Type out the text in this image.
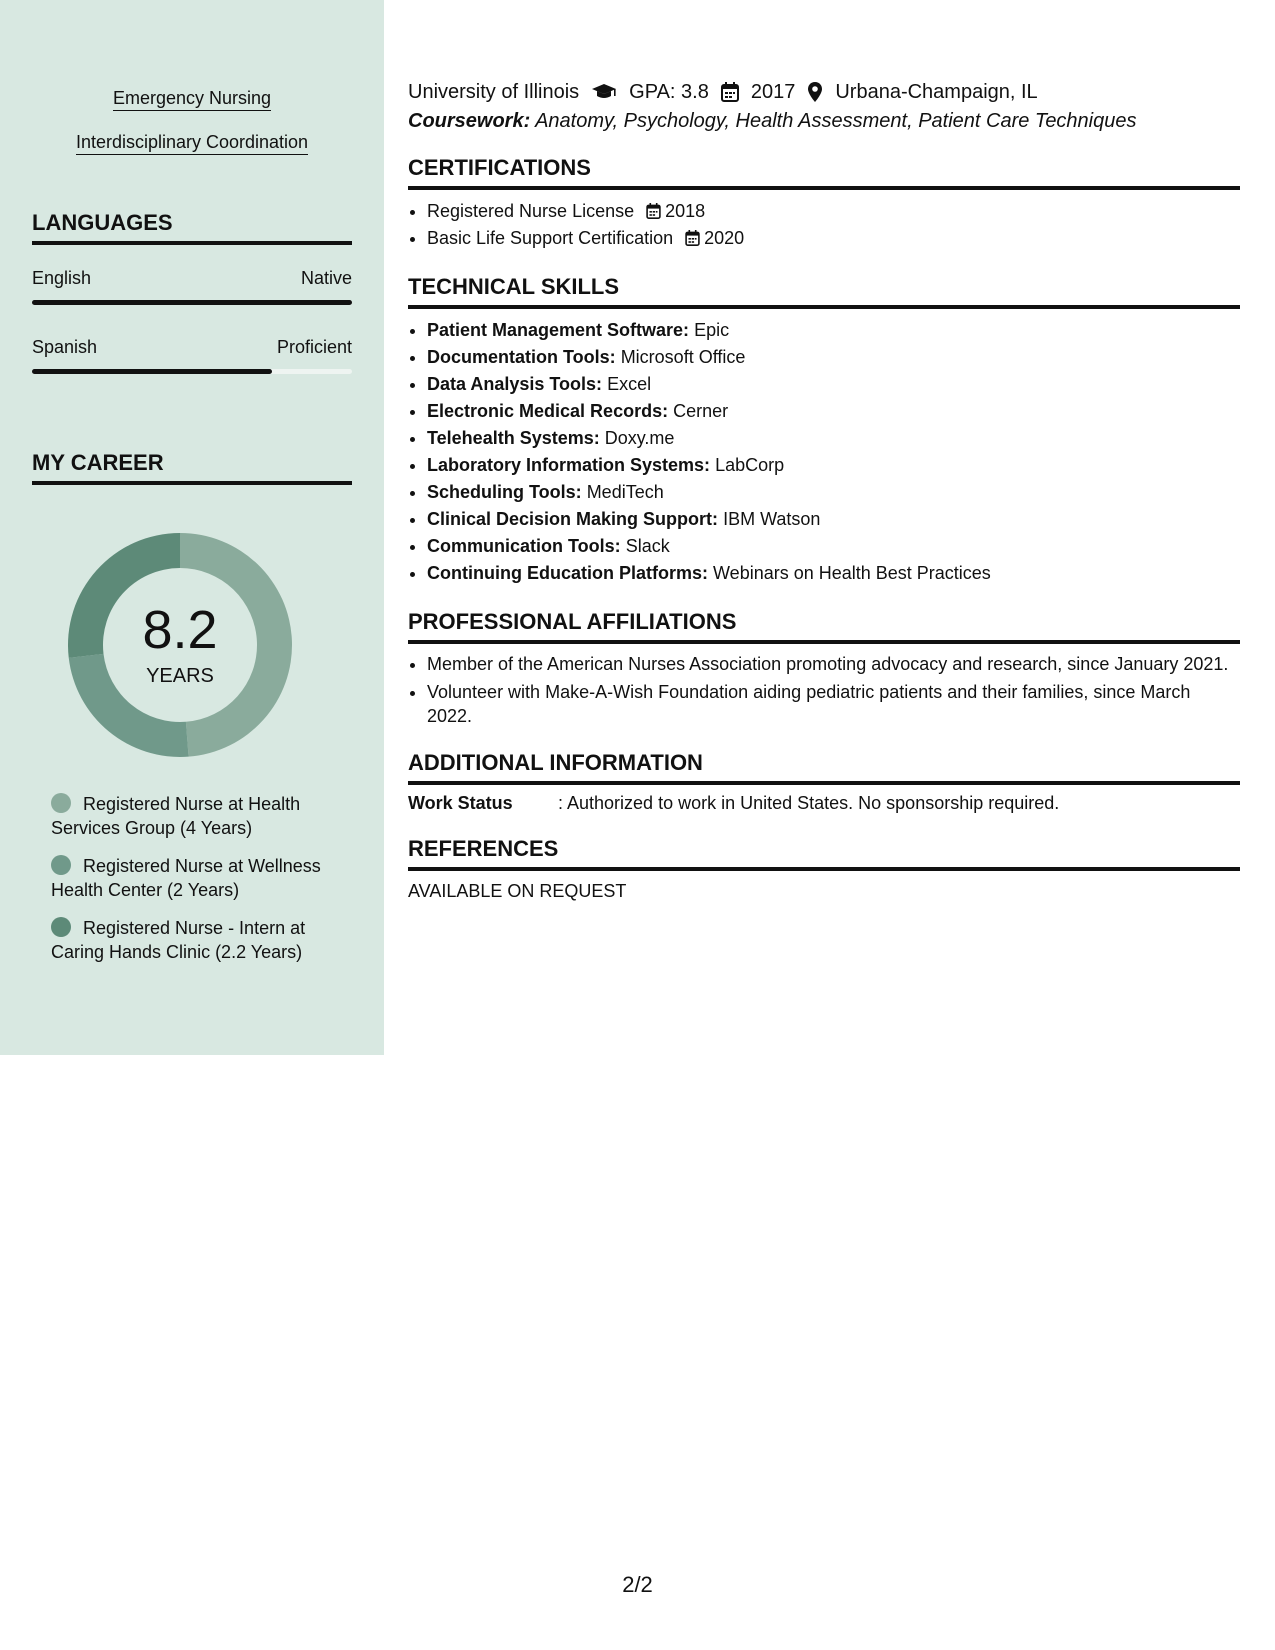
Emergency Nursing
Interdisciplinary Coordination
LANGUAGES
English	Native
Spanish	Proficient
MY CAREER
8.2
YEARS
Registered Nurse at Health Services Group (4 Years)
Registered Nurse at Wellness Health Center (2 Years)
Registered Nurse - Intern at Caring Hands Clinic (2.2 Years)
University of Illinois	GPA: 3.8 2017 Urbana-Champaign, IL
Coursework: Anatomy, Psychology, Health Assessment, Patient Care Techniques
CERTIFICATIONS
• Registered Nurse License 2018
• Basic Life Support Certification 2020
TECHNICAL SKILLS
• Patient Management Software: Epic
• Documentation Tools: Microsoft Office
• Data Analysis Tools: Excel
• Electronic Medical Records: Cerner
• Telehealth Systems: Doxy.me
• Laboratory Information Systems: LabCorp
• Scheduling Tools: MediTech
• Clinical Decision Making Support: IBM Watson
• Communication Tools: Slack
• Continuing Education Platforms: Webinars on Health Best Practices
PROFESSIONAL AFFILIATIONS
• Member of the American Nurses Association promoting advocacy and research, since January 2021.
• Volunteer with Make-A-Wish Foundation aiding pediatric patients and their families, since March 2022.
ADDITIONAL INFORMATION
Work Status	: Authorized to work in United States. No sponsorship required.
REFERENCES
AVAILABLE ON REQUEST
2/2
